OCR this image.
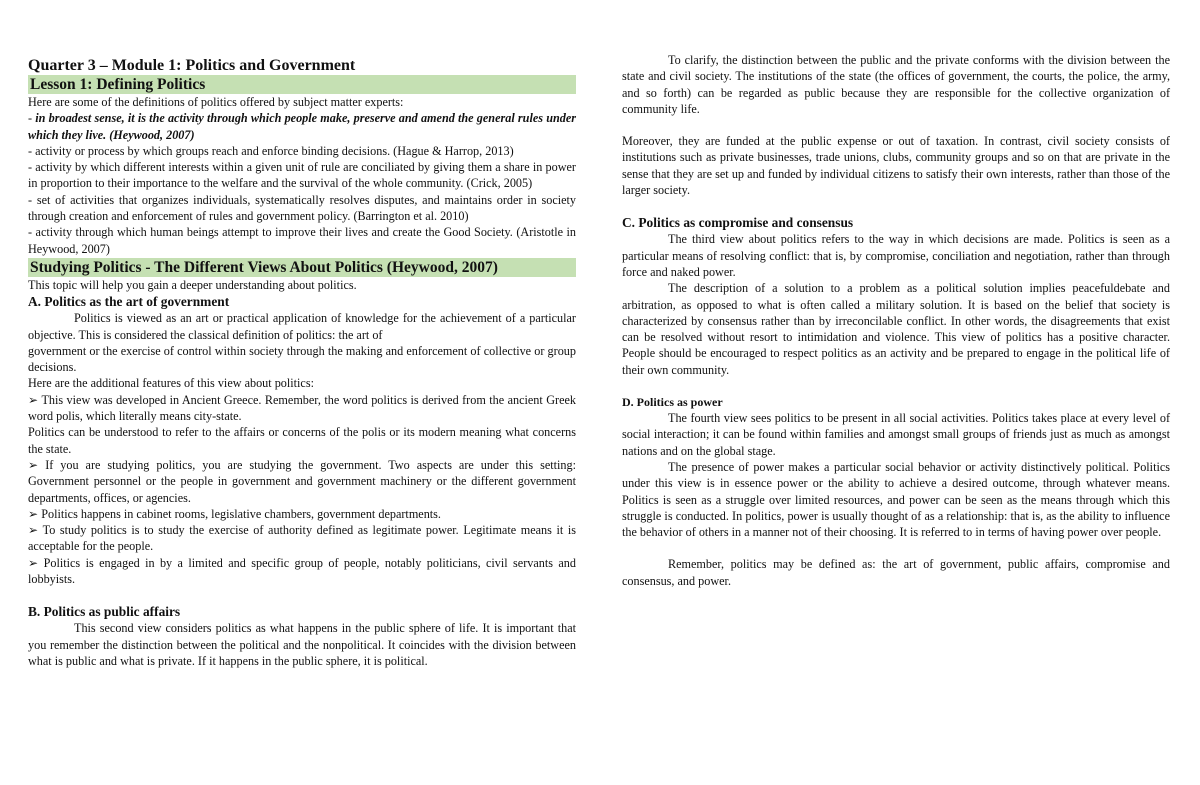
Quarter 3 – Module 1: Politics and Government
Lesson 1: Defining Politics

Here are some of the definitions of politics offered by subject matter experts:

- in broadest sense, it is the activity through which people make, preserve and amend the general rules under which they live. (Heywood, 2007)

- activity or process by which groups reach and enforce binding decisions. (Hague & Harrop, 2013)

- activity by which different interests within a given unit of rule are conciliated by giving them a share in power in proportion to their importance to the welfare and the survival of the whole community. (Crick, 2005)

- set of activities that organizes individuals, systematically resolves disputes, and maintains order in society through creation and enforcement of rules and government policy. (Barrington et al. 2010)

- activity through which human beings attempt to improve their lives and create the Good Society. (Aristotle in Heywood, 2007)

Studying Politics - The Different Views About Politics (Heywood, 2007)

This topic will help you gain a deeper understanding about politics.

A. Politics as the art of government

Politics is viewed as an art or practical application of knowledge for the achievement of a particular objective. This is considered the classical definition of politics: the art of

government or the exercise of control within society through the making and enforcement of collective or group decisions.

Here are the additional features of this view about politics:

➢ This view was developed in Ancient Greece. Remember, the word politics is derived from the ancient Greek word polis, which literally means city-state.

Politics can be understood to refer to the affairs or concerns of the polis or its modern meaning what concerns the state.

➢ If you are studying politics, you are studying the government. Two aspects are under this setting: Government personnel or the people in government and government machinery or the different government departments, offices, or agencies.

➢ Politics happens in cabinet rooms, legislative chambers, government departments.

➢ To study politics is to study the exercise of authority defined as legitimate power. Legitimate means it is acceptable for the people.

➢ Politics is engaged in by a limited and specific group of people, notably politicians, civil servants and lobbyists.

B. Politics as public affairs

This second view considers politics as what happens in the public sphere of life. It is important that you remember the distinction between the political and the nonpolitical. It coincides with the division between what is public and what is private. If it happens in the public sphere, it is political.

To clarify, the distinction between the public and the private conforms with the division between the state and civil society. The institutions of the state (the offices of government, the courts, the police, the army, and so forth) can be regarded as public because they are responsible for the collective organization of community life.

Moreover, they are funded at the public expense or out of taxation. In contrast, civil society consists of institutions such as private businesses, trade unions, clubs, community groups and so on that are private in the sense that they are set up and funded by individual citizens to satisfy their own interests, rather than those of the larger society.

C. Politics as compromise and consensus

The third view about politics refers to the way in which decisions are made. Politics is seen as a particular means of resolving conflict: that is, by compromise, conciliation and negotiation, rather than through force and naked power.

The description of a solution to a problem as a political solution implies peacefuldebate and arbitration, as opposed to what is often called a military solution. It is based on the belief that society is characterized by consensus rather than by irreconcilable conflict. In other words, the disagreements that exist can be resolved without resort to intimidation and violence. This view of politics has a positive character. People should be encouraged to respect politics as an activity and be prepared to engage in the political life of their own community.

D. Politics as power

The fourth view sees politics to be present in all social activities. Politics takes place at every level of social interaction; it can be found within families and amongst small groups of friends just as much as amongst nations and on the global stage.

The presence of power makes a particular social behavior or activity distinctively political. Politics under this view is in essence power or the ability to achieve a desired outcome, through whatever means. Politics is seen as a struggle over limited resources, and power can be seen as the means through which this struggle is conducted. In politics, power is usually thought of as a relationship: that is, as the ability to influence the behavior of others in a manner not of their choosing. It is referred to in terms of having power over people.

Remember, politics may be defined as: the art of government, public affairs, compromise and consensus, and power.
